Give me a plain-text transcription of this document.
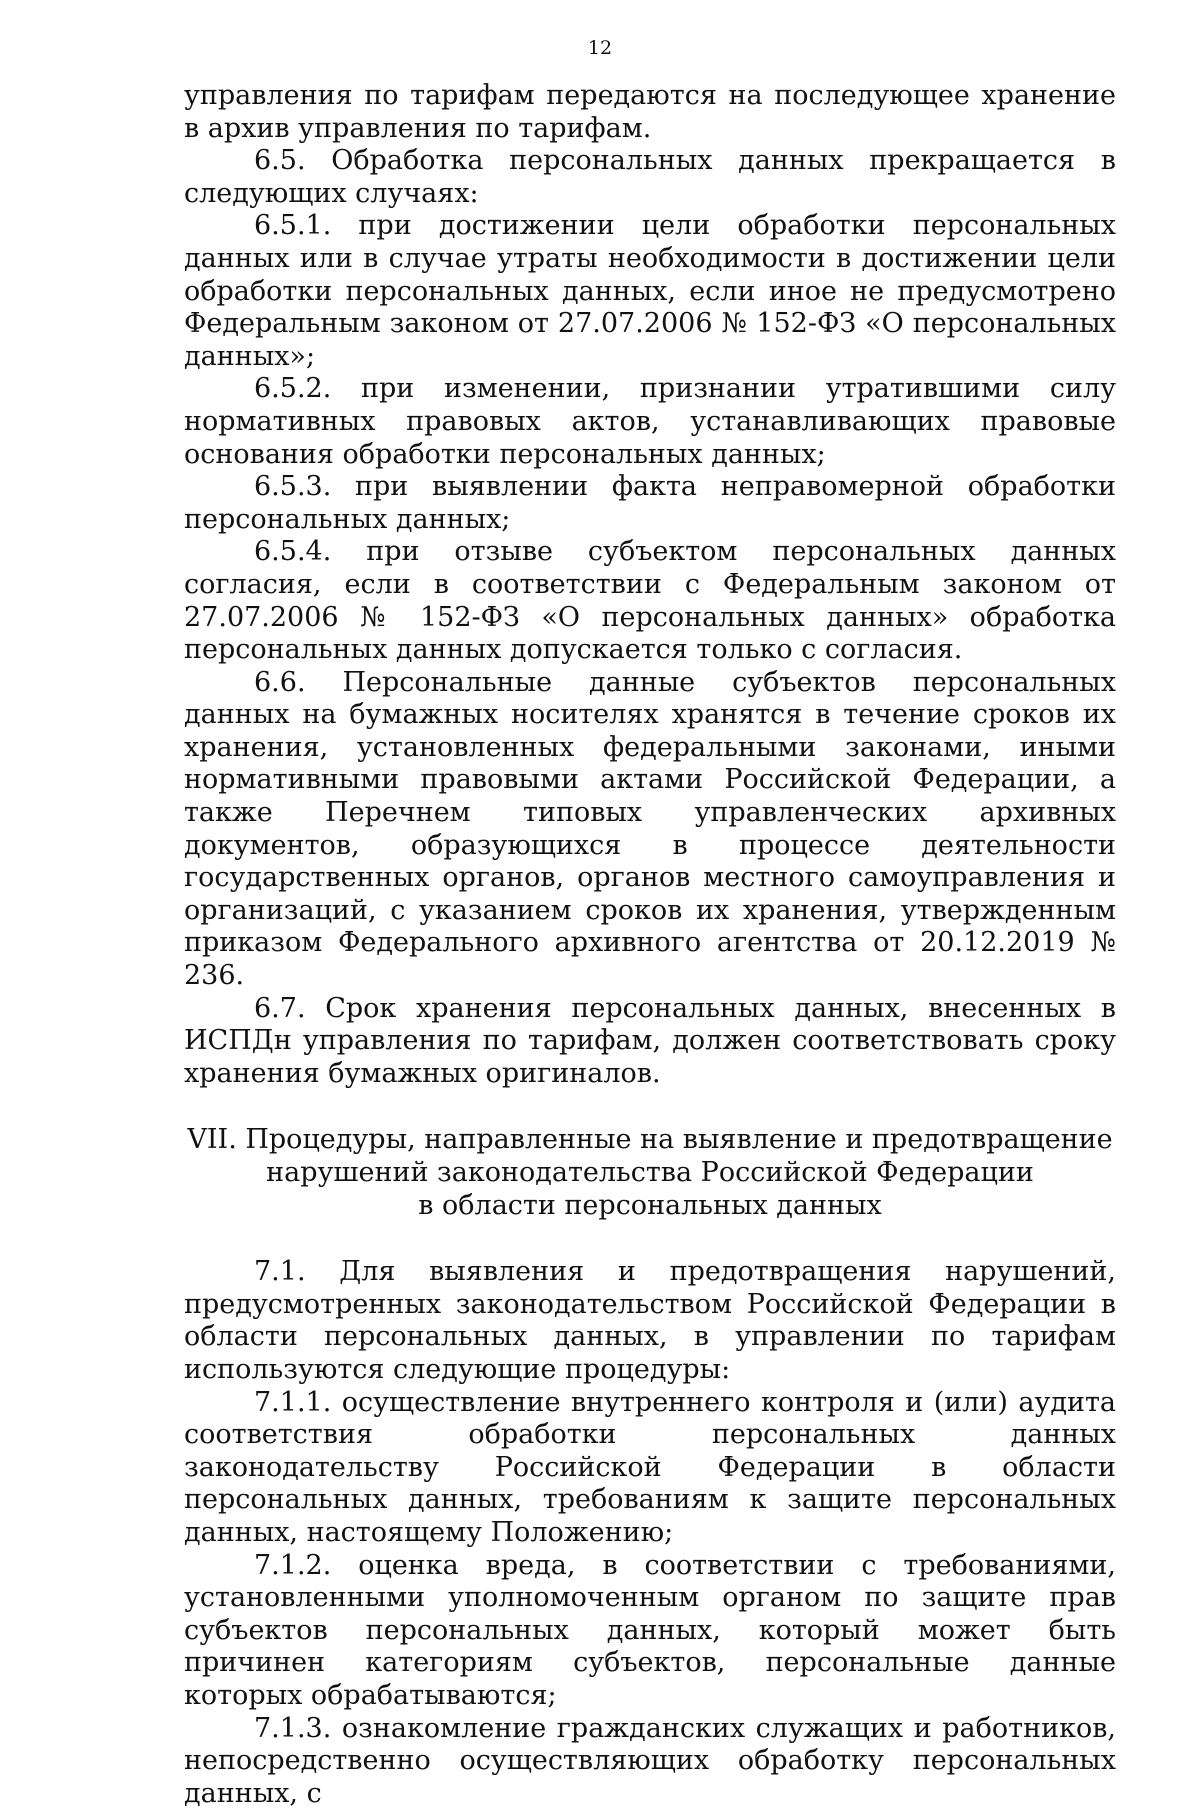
12

управления по тарифам передаются на последующее хранение в архив управления по тарифам.

6.5. Обработка персональных данных прекращается в следующих случаях:

6.5.1. при достижении цели обработки персональных данных или в случае утраты необходимости в достижении цели обработки персональных данных, если иное не предусмотрено Федеральным законом от 27.07.2006 № 152-ФЗ «О персональных данных»;

6.5.2. при изменении, признании утратившими силу нормативных правовых актов, устанавливающих правовые основания обработки персональных данных;

6.5.3. при выявлении факта неправомерной обработки персональных данных;

6.5.4. при отзыве субъектом персональных данных согласия, если в соответствии с Федеральным законом от 27.07.2006 № 152-ФЗ «О персональных данных» обработка персональных данных допускается только с согласия.

6.6. Персональные данные субъектов персональных данных на бумажных носителях хранятся в течение сроков их хранения, установленных федеральными законами, иными нормативными правовыми актами Российской Федерации, а также Перечнем типовых управленческих архивных документов, образующихся в процессе деятельности государственных органов, органов местного самоуправления и организаций, с указанием сроков их хранения, утвержденным приказом Федерального архивного агентства от 20.12.2019 № 236.

6.7. Срок хранения персональных данных, внесенных в ИСПДн управления по тарифам, должен соответствовать сроку хранения бумажных оригиналов.

VII. Процедуры, направленные на выявление и предотвращение
нарушений законодательства Российской Федерации
в области персональных данных

7.1. Для выявления и предотвращения нарушений, предусмотренных законодательством Российской Федерации в области персональных данных, в управлении по тарифам используются следующие процедуры:

7.1.1. осуществление внутреннего контроля и (или) аудита соответствия обработки персональных данных законодательству Российской Федерации в области персональных данных, требованиям к защите персональных данных, настоящему Положению;

7.1.2. оценка вреда, в соответствии с требованиями, установленными уполномоченным органом по защите прав субъектов персональных данных, который может быть причинен категориям субъектов, персональные данные которых обрабатываются;

7.1.3. ознакомление гражданских служащих и работников, непосредственно осуществляющих обработку персональных данных, с
